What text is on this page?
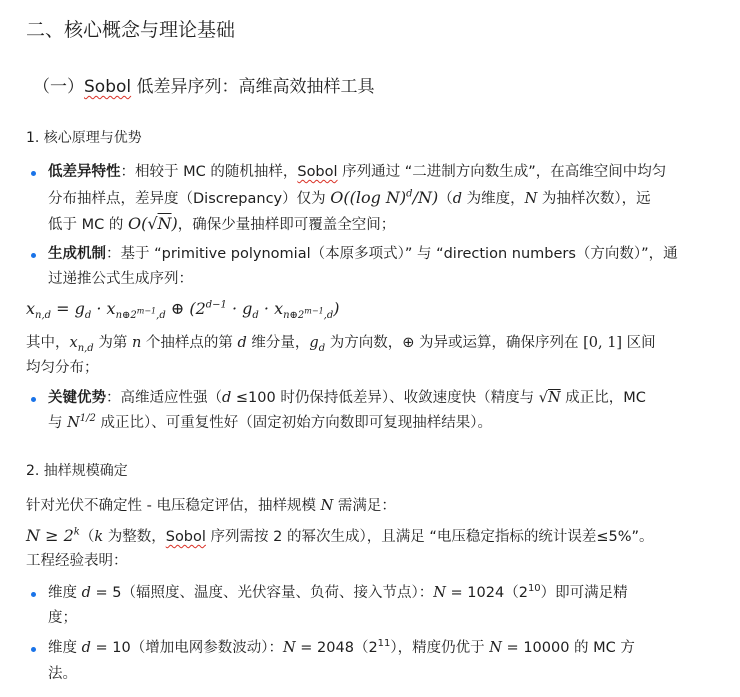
二、核心概念与理论基础
（一）Sobol 低差异序列：高维高效抽样工具
1. 核心原理与优势
低差异特性：相较于 MC 的随机抽样，Sobol 序列通过 “二进制方向数生成”，在高维空间中均匀
分布抽样点，差异度（Discrepancy）仅为 O((log N)$^d$/N)（d 为维度，N 为抽样次数），远
低于 MC 的 O(√N)，确保少量抽样即可覆盖全空间；
生成机制：基于 “primitive polynomial（本原多项式）” 与 “direction numbers（方向数）”，通
过递推公式生成序列：
$x_{n,d} = g_d \cdot x_{n\oplus 2^{m-1},d}$ ⊕ $(2^{d-1} \cdot g_d \cdot x_{n\oplus 2^{m-1},d})$
其中，$x_{n,d}$ 为第 n 个抽样点的第 d 维分量，$g_d$ 为方向数，⊕ 为异或运算，确保序列在 [0, 1] 区间
均匀分布；
关键优势：高维适应性强（d ≤100 时仍保持低差异）、收敛速度快（精度与 √N 成正比，MC
与 $N^{1/2}$ 成正比）、可重复性好（固定初始方向数即可复现抽样结果）。
2. 抽样规模确定
针对光伏不确定性 - 电压稳定评估，抽样规模 N 需满足：
$N \ge 2^k(k$ 为整数，Sobol 序列需按 2 的幂次生成），且满足 “电压稳定指标的统计误差≤5%”。
工程经验表明：
维度 d = 5（辐照度、温度、光伏容量、负荷、接入节点）：$N = 1024(2^{10})$即可满足精
度；
维度 d = 10（增加电网参数波动）：$N = 2048(2^{11})$，精度仍优于 N = 10000 的 MC 方
法。
